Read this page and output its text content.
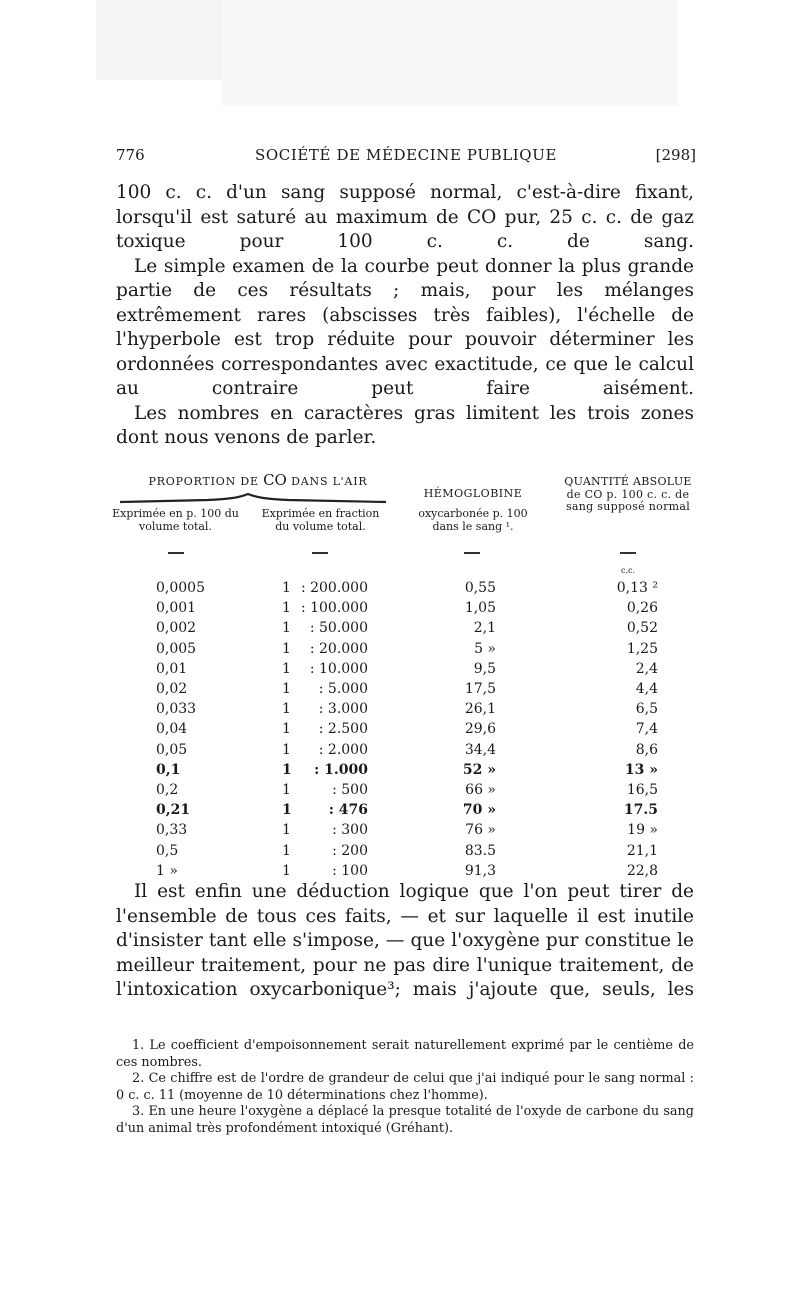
776	SOCIÉTÉ DE MÉDECINE PUBLIQUE	[298]

100 c. c. d'un sang supposé normal, c'est-à-dire fixant, lorsqu'il est saturé au maximum de CO pur, 25 c. c. de gaz toxique pour 100 c. c. de sang.

Le simple examen de la courbe peut donner la plus grande partie de ces résultats ; mais, pour les mélanges extrêmement rares (abscisses très faibles), l'échelle de l'hyperbole est trop réduite pour pouvoir déterminer les ordonnées correspondantes avec exactitude, ce que le calcul au contraire peut faire aisément.

Les nombres en caractères gras limitent les trois zones dont nous venons de parler.

PROPORTION DE CO DANS L'AIR
Exprimée en p. 100 du volume total.
Exprimée en fraction du volume total.
HÉMOGLOBINE
oxycarbonée p. 100 dans le sang ¹.
QUANTITÉ ABSOLUE de CO p. 100 c. c. de sang supposé normal
c.c.
0,0005	1 : 200.000	0,55	0,13 ²
0,001	1 : 100.000	1,05	0,26
0,002	1	: 50.000	2,1	0,52
0,005	1	: 20.000	5 »	1,25
0,01	1	: 10.000	9,5	2,4
0,02	1	: 5.000	17,5	4,4
0,033	1	: 3.000	26,1	6,5
0,04	1	: 2.500	29,6	7,4
0,05	1	: 2.000	34,4	8,6
0,1	1	: 1.000	52 »	13 »
0,2	1	: 500	66 »	16,5
0,21	1	: 476	70 »	17.5
0,33	1	: 300	76 »	19 »
0,5	1	: 200	83.5	21,1
1 »	1	: 100	91,3	22,8

Il est enfin une déduction logique que l'on peut tirer de l'ensemble de tous ces faits, — et sur laquelle il est inutile d'insister tant elle s'impose, — que l'oxygène pur constitue le meilleur traitement, pour ne pas dire l'unique traitement, de l'intoxication oxycarbonique³; mais j'ajoute que, seuls, les

1. Le coefficient d'empoisonnement serait naturellement exprimé par le centième de ces nombres.

2. Ce chiffre est de l'ordre de grandeur de celui que j'ai indiqué pour le sang normal : 0 c. c. 11 (moyenne de 10 déterminations chez l'homme).

3. En une heure l'oxygène a déplacé la presque totalité de l'oxyde de carbone du sang d'un animal très profondément intoxiqué (Gréhant).
